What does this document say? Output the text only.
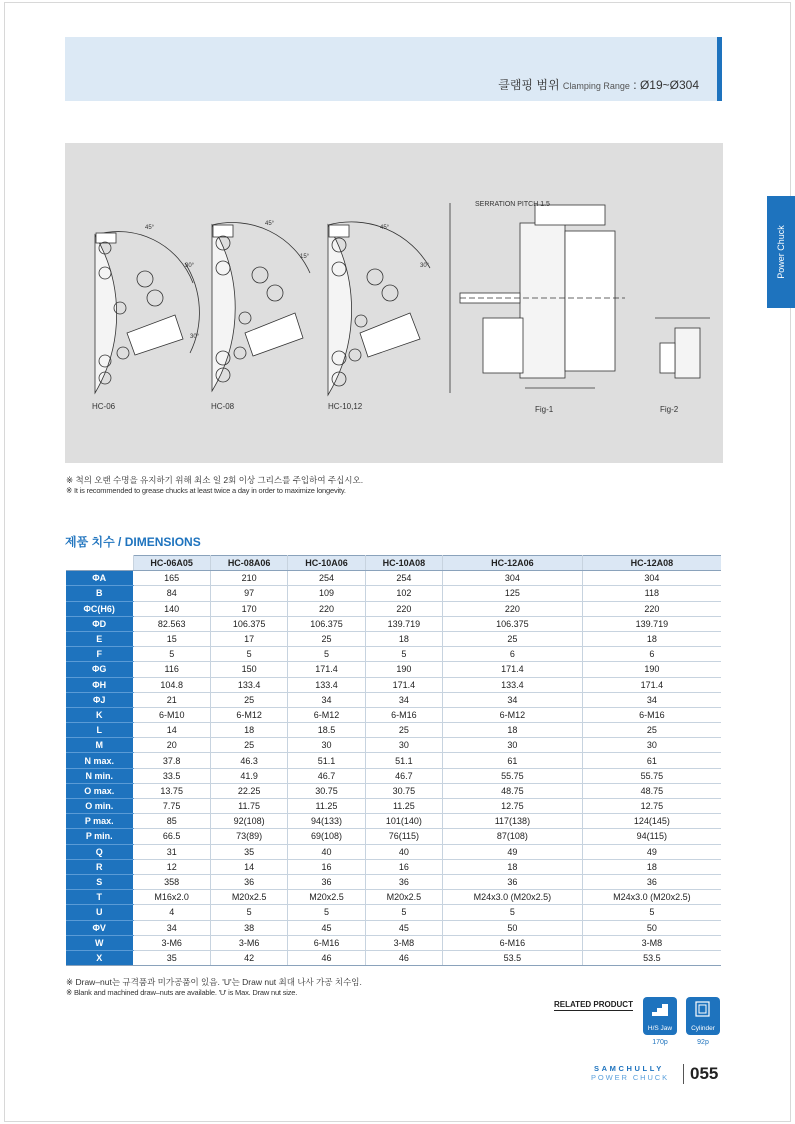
클램핑 범위 Clamping Range : Ø19~Ø304
Power Chuck
HC-06	HC-08	HC-10,12	Fig-1	Fig-2
SERRATION PITCH 1.5
45°
45°
45°
30°	30°
15°
30°
※ 척의 오랜 수명을 유지하기 위해 최소 일 2회 이상 그리스를 주입하여 주십시오.
※ It is recommended to grease chucks at least twice a day in order to maximize longevity.
제품 치수 / DIMENSIONS
	HC-06A05	HC-08A06	HC-10A06	HC-10A08	HC-12A06	HC-12A08
ΦA	165	210	254	254	304	304
B	84	97	109	102	125	118
ΦC(H6)	140	170	220	220	220	220
ΦD	82.563	106.375	106.375	139.719	106.375	139.719
E	15	17	25	18	25	18
F	5	5	5	5	6	6
ΦG	116	150	171.4	190	171.4	190
ΦH	104.8	133.4	133.4	171.4	133.4	171.4
ΦJ	21	25	34	34	34	34
K	6-M10	6-M12	6-M12	6-M16	6-M12	6-M16
L	14	18	18.5	25	18	25
M	20	25	30	30	30	30
N max.	37.8	46.3	51.1	51.1	61	61
N min.	33.5	41.9	46.7	46.7	55.75	55.75
O max.	13.75	22.25	30.75	30.75	48.75	48.75
O min.	7.75	11.75	11.25	11.25	12.75	12.75
P max.	85	92(108)	94(133)	101(140)	117(138)	124(145)
P min.	66.5	73(89)	69(108)	76(115)	87(108)	94(115)
Q	31	35	40	40	49	49
R	12	14	16	16	18	18
S	358	36	36	36	36	36
T	M16x2.0	M20x2.5	M20x2.5	M20x2.5	M24x3.0 (M20x2.5)	M24x3.0 (M20x2.5)
U	4	5	5	5	5	5
ΦV	34	38	45	45	50	50
W	3-M6	3-M6	6-M16	3-M8	6-M16	3-M8
X	35	42	46	46	53.5	53.5
※ Draw–nut는 규격품과 미가공품이 있음. 'U'는 Draw nut 최대 나사 가공 치수임.
※ Blank and machined draw–nuts are available. 'U' is Max. Draw nut size.
RELATED PRODUCT
H/S Jaw
170p
Cylinder
92p
SAMCHULLY
POWER CHUCK 055
